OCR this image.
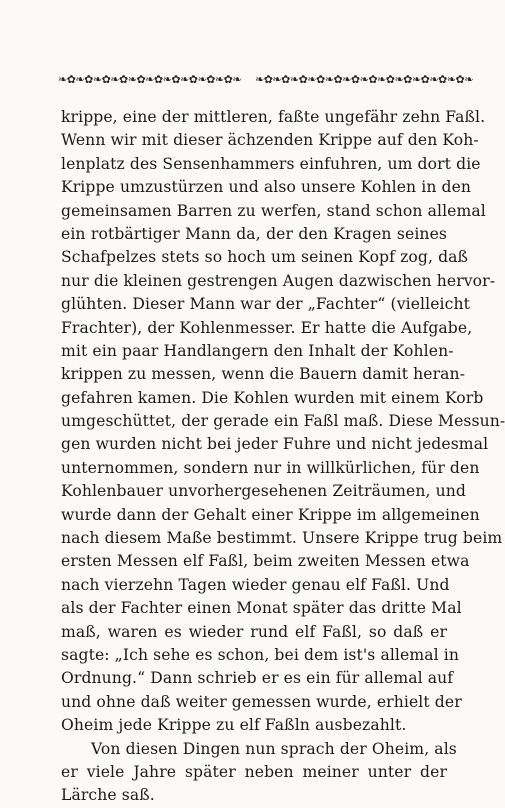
❧✿❧✿❧✿❧✿❧✿❧✿❧✿❧✿❧✿❧✿❧ ❧✿❧✿❧✿❧✿❧✿❧✿❧✿❧✿❧✿❧✿❧✿❧✿❧
krippe, eine der mittleren, faßte ungefähr zehn Faßl.
Wenn wir mit dieser ächzenden Krippe auf den Koh-
lenplatz des Sensenhammers einfuhren, um dort die
Krippe umzustürzen und also unsere Kohlen in den
gemeinsamen Barren zu werfen, stand schon allemal
ein rotbärtiger Mann da, der den Kragen seines
Schafpelzes stets so hoch um seinen Kopf zog, daß
nur die kleinen gestrengen Augen dazwischen hervor-
glühten. Dieser Mann war der „Fachter“ (vielleicht
Frachter), der Kohlenmesser. Er hatte die Aufgabe,
mit ein paar Handlangern den Inhalt der Kohlen-
krippen zu messen, wenn die Bauern damit heran-
gefahren kamen. Die Kohlen wurden mit einem Korb
umgeschüttet, der gerade ein Faßl maß. Diese Messun-
gen wurden nicht bei jeder Fuhre und nicht jedesmal
unternommen, sondern nur in willkürlichen, für den
Kohlenbauer unvorhergesehenen Zeiträumen, und
wurde dann der Gehalt einer Krippe im allgemeinen
nach diesem Maße bestimmt. Unsere Krippe trug beim
ersten Messen elf Faßl, beim zweiten Messen etwa
nach vierzehn Tagen wieder genau elf Faßl. Und
als der Fachter einen Monat später das dritte Mal
maß, waren es wieder rund elf Faßl, so daß er
sagte: „Ich sehe es schon, bei dem ist's allemal in
Ordnung.“ Dann schrieb er es ein für allemal auf
und ohne daß weiter gemessen wurde, erhielt der
Oheim jede Krippe zu elf Faßln ausbezahlt.
Von diesen Dingen nun sprach der Oheim, als
er viele Jahre später neben meiner unter der
Lärche saß.
